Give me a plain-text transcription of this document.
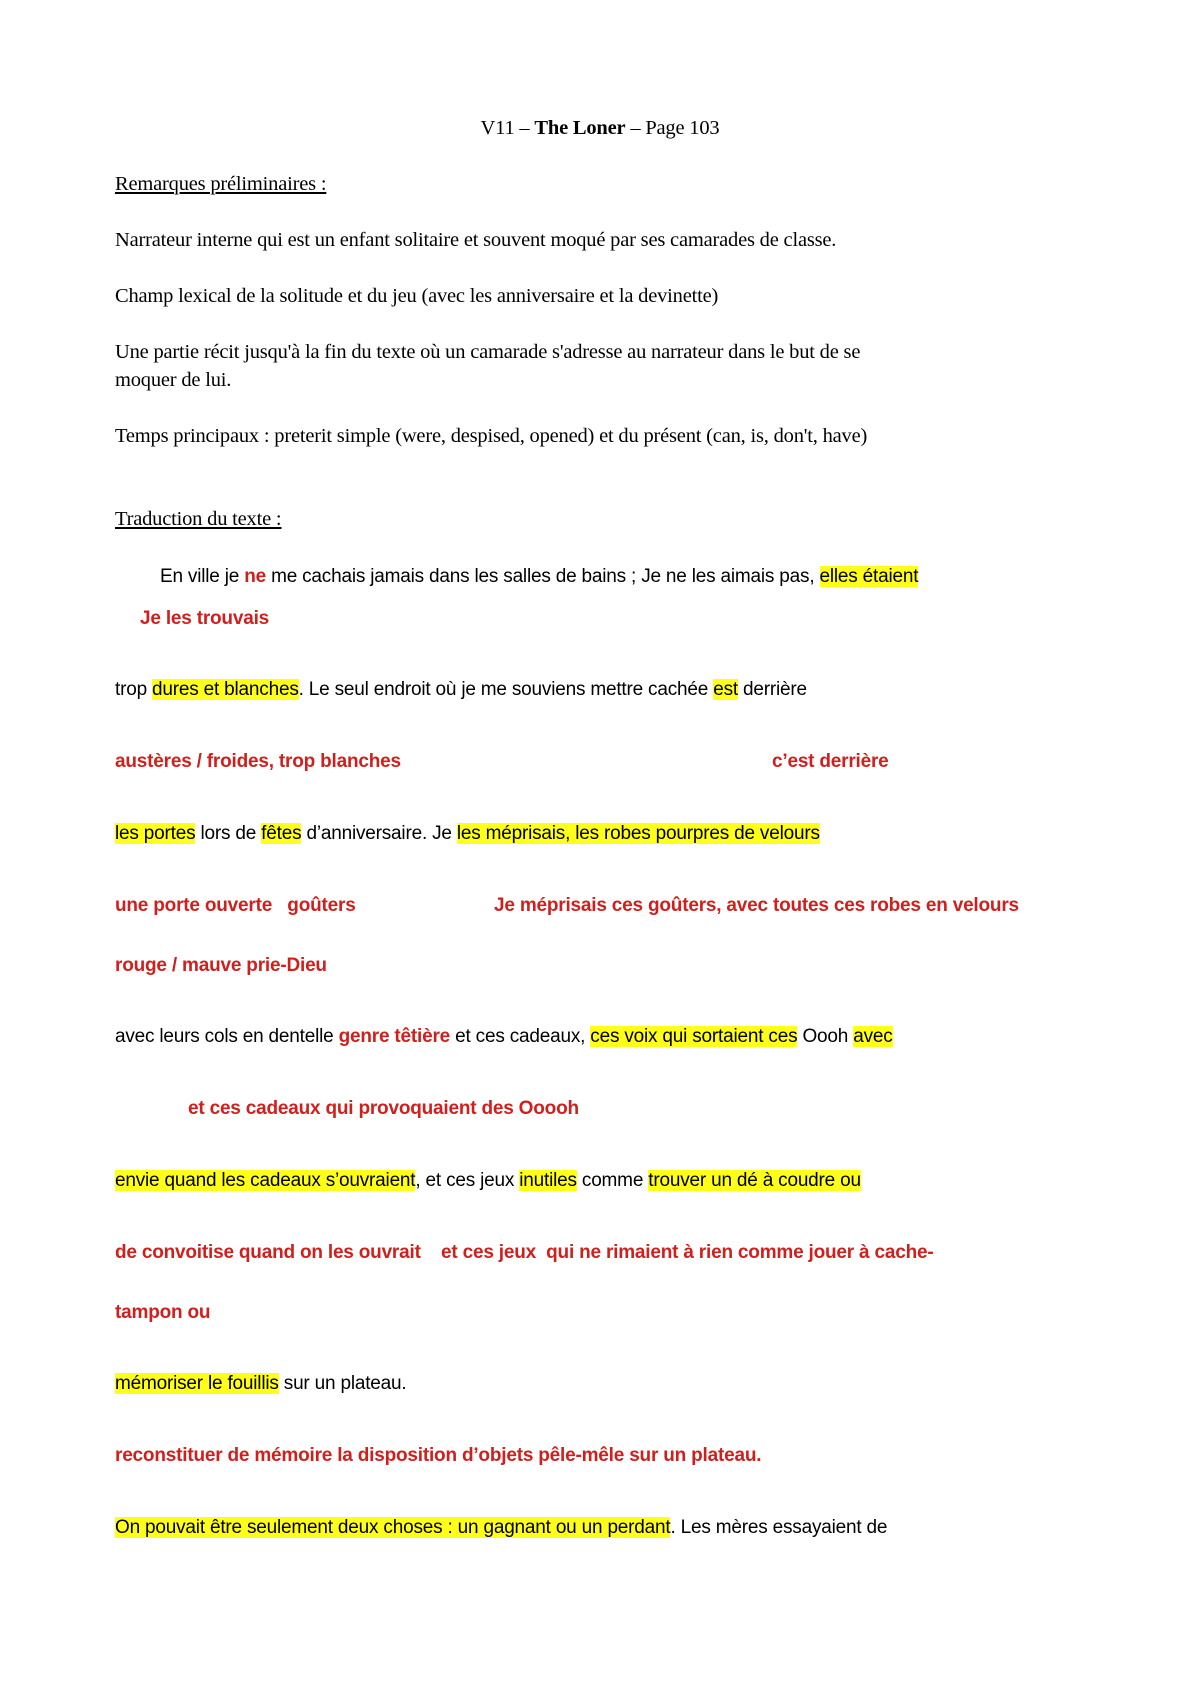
V11 – The Loner – Page 103

Remarques préliminaires :

Narrateur interne qui est un enfant solitaire et souvent moqué par ses camarades de classe.

Champ lexical de la solitude et du jeu (avec les anniversaire et la devinette)

Une partie récit jusqu'à la fin du texte où un camarade s'adresse au narrateur dans le but de se

moquer de lui.

Temps principaux : preterit simple (were, despised, opened) et du présent (can, is, don't, have)

Traduction du texte :

En ville je ne me cachais jamais dans les salles de bains ; Je ne les aimais pas, elles étaient

Je les trouvais

trop dures et blanches. Le seul endroit où je me souviens mettre cachée est derrière

austères / froides, trop blanches	c’est derrière

les portes lors de fêtes d’anniversaire. Je les méprisais, les robes pourpres de velours

une porte ouverte   goûters	Je méprisais ces goûters, avec toutes ces robes en velours

rouge / mauve prie-Dieu

avec leurs cols en dentelle genre têtière et ces cadeaux, ces voix qui sortaient ces Oooh avec

et ces cadeaux qui provoquaient des Ooooh

envie quand les cadeaux s’ouvraient, et ces jeux inutiles comme trouver un dé à coudre ou

de convoitise quand on les ouvrait    et ces jeux  qui ne rimaient à rien comme jouer à cache-

tampon ou

mémoriser le fouillis sur un plateau.

reconstituer de mémoire la disposition d’objets pêle-mêle sur un plateau.

On pouvait être seulement deux choses : un gagnant ou un perdant. Les mères essayaient de
